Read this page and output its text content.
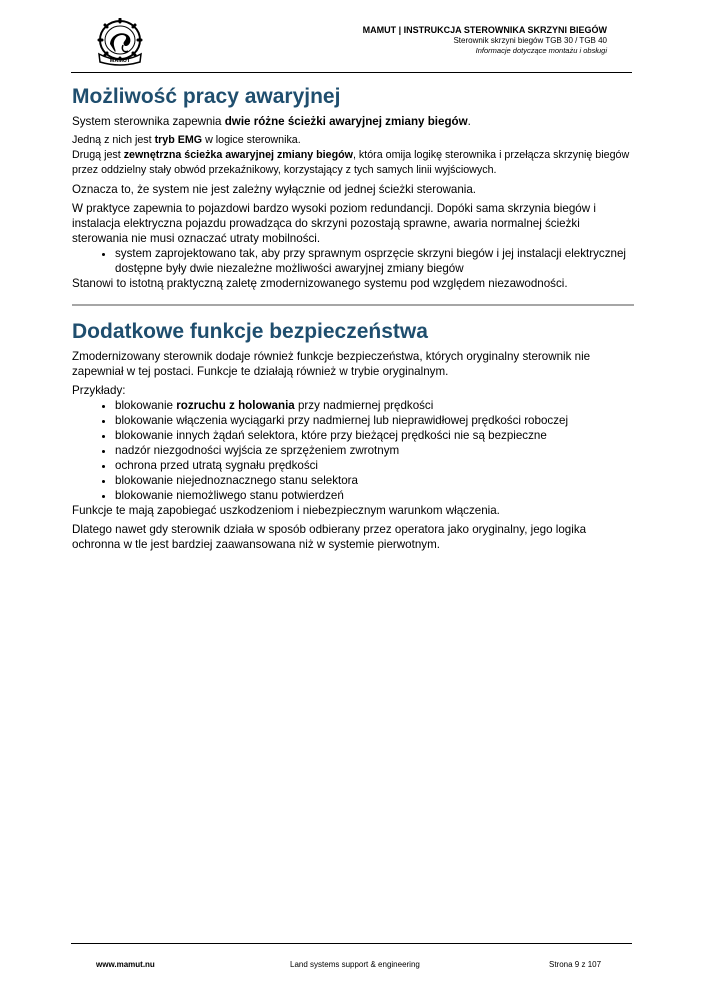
MAMUT
MAMUT | INSTRUKCJA STEROWNIKA SKRZYNI BIEGÓW
Sterownik skrzyni biegów TGB 30 / TGB 40
Informacje dotyczące montażu i obsługi
Możliwość pracy awaryjnej

System sterownika zapewnia dwie różne ścieżki awaryjnej zmiany biegów.

Jedną z nich jest tryb EMG w logice sterownika.

Drugą jest zewnętrzna ścieżka awaryjnej zmiany biegów, która omija logikę sterownika i przełącza skrzynię biegów przez oddzielny stały obwód przekaźnikowy, korzystający z tych samych linii wyjściowych.

Oznacza to, że system nie jest zależny wyłącznie od jednej ścieżki sterowania.

W praktyce zapewnia to pojazdowi bardzo wysoki poziom redundancji. Dopóki sama skrzynia biegów i instalacja elektryczna pojazdu prowadząca do skrzyni pozostają sprawne, awaria normalnej ścieżki sterowania nie musi oznaczać utraty mobilności.

• system zaprojektowano tak, aby przy sprawnym osprzęcie skrzyni biegów i jej instalacji elektrycznej dostępne były dwie niezależne możliwości awaryjnej zmiany biegów

Stanowi to istotną praktyczną zaletę zmodernizowanego systemu pod względem niezawodności.

Dodatkowe funkcje bezpieczeństwa

Zmodernizowany sterownik dodaje również funkcje bezpieczeństwa, których oryginalny sterownik nie zapewniał w tej postaci. Funkcje te działają również w trybie oryginalnym.

Przykłady:

• blokowanie rozruchu z holowania przy nadmiernej prędkości
• blokowanie włączenia wyciągarki przy nadmiernej lub nieprawidłowej prędkości roboczej
• blokowanie innych żądań selektora, które przy bieżącej prędkości nie są bezpieczne
• nadzór niezgodności wyjścia ze sprzężeniem zwrotnym
• ochrona przed utratą sygnału prędkości
• blokowanie niejednoznacznego stanu selektora
• blokowanie niemożliwego stanu potwierdzeń

Funkcje te mają zapobiegać uszkodzeniom i niebezpiecznym warunkom włączenia.

Dlatego nawet gdy sterownik działa w sposób odbierany przez operatora jako oryginalny, jego logika ochronna w tle jest bardziej zaawansowana niż w systemie pierwotnym.

www.mamut.nu	Land systems support & engineering	Strona 9 z 107
